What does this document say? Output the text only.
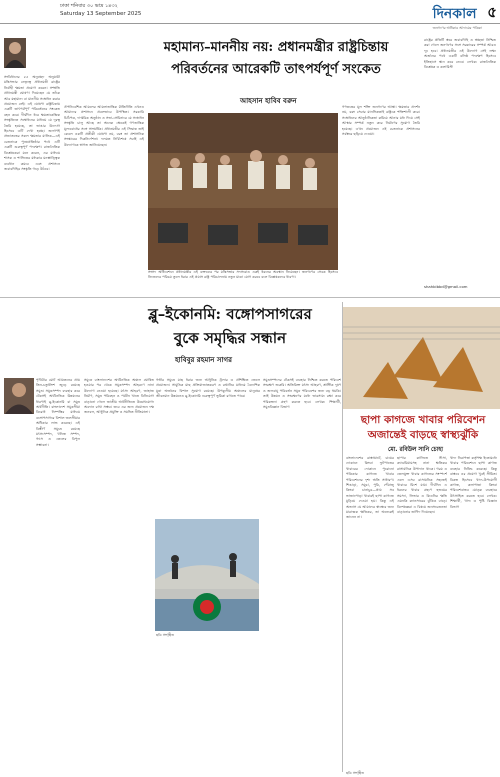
ঢাকা শনিবার ৩০ ভাদ্র ১৪৩২
Saturday 13 September 2025	দিনকাল
জনগণের অধিকার আদায়ের পত্রিকা
৫
মহামান্য–মাননীয় নয়: প্রধানমন্ত্রীর রাষ্ট্রচিন্তায়
পরিবর্তনের আরেকটি তাৎপর্যপূর্ণ সংকেত
আহসান হাবিব বরুন
সংবিধানের ৫৫ অনুচ্ছেদ অনুযায়ী মন্ত্রিসভার নেতৃত্বে প্রধানমন্ত্রী রাষ্ট্রের নির্বাহী ক্ষমতা প্রয়োগ করেন। সম্প্রতি প্রধানমন্ত্রী ঘোষণা দিয়েছেন যে তাঁকে আর মহামান্য বা মাননীয় সম্বোধন করার প্রয়োজন নেই। এই ঘোষণা রাষ্ট্রচিন্তায় একটি তাৎপর্যপূর্ণ পরিবর্তনের সংকেত বহন করে। দীর্ঘদিন ধরে ক্ষমতাকেন্দ্রিক সংস্কৃতিতে সম্বোধনের মাধ্যমে যে দূরত্ব তৈরি হয়েছে, তা ভাঙার উদ্যোগ হিসেবে এটি দেখা হচ্ছে। জনগণই প্রজাতন্ত্রের সকল ক্ষমতার মালিক—এই চেতনাকে পুনঃপ্রতিষ্ঠার পথে এটি একটি গুরুত্বপূর্ণ পদক্ষেপ। রাজনৈতিক বিশ্লেষকেরা মনে করেন, এর মাধ্যমে শাসক ও শাসিতের মধ্যকার মনস্তাত্ত্বিক ব্যবধান কমবে এবং প্রশাসনে জবাবদিহির সংস্কৃতি গড়ে উঠবে।
ঔপনিবেশিক আমলের আমলাতান্ত্রিক রীতিনীতি এখনও আমাদের প্রশাসনে প্রবলভাবে উপস্থিত। সরকারি চিঠিপত্র, দাপ্তরিক অনুষ্ঠান ও সভা-সেমিনারে যে সম্বোধন সংস্কৃতি চালু আছে তা অনেক ক্ষেত্রেই গণতান্ত্রিক মূল্যবোধের সঙ্গে সাংঘর্ষিক। প্রধানমন্ত্রীর এই সিদ্ধান্ত তাই কেবল একটি প্রতীকী ঘোষণা নয়, বরং তা প্রশাসনিক সংস্কারের দিকনির্দেশনা। দলমত নির্বিশেষে সবাই এই উদ্যোগকে স্বাগত জানিয়েছেন।
সংসদ অধিবেশনে প্রধানমন্ত্রীর এই বক্তব্যের পর মন্ত্রিসভার সদস্যরাও একই ধরনের অবস্থান নিয়েছেন। জনগণের সেবক হিসেবে নিজেদের পরিচয় তুলে ধরার এই প্রয়াস রাষ্ট্র পরিচালনায় নতুন মাত্রা যোগ করবে বলে বিশ্লেষকদের ধারণা।
গণতন্ত্রের মূল শক্তি জনগণের আস্থা। ক্ষমতার প্রদর্শন নয়, বরং সেবার মানসিকতাই রাষ্ট্রকে শক্তিশালী করে। সম্বোধনের আনুষ্ঠানিকতা কমিয়ে আনার মধ্য দিয়ে সেই আস্থার সম্পর্ক নতুন করে নির্মাণের সুযোগ তৈরি হয়েছে। এখন প্রয়োজন এই চেতনাকে প্রশাসনের সর্বস্তরে ছড়িয়ে দেওয়া।
রাষ্ট্রের প্রতিটি স্তরে জবাবদিহি ও স্বচ্ছতা নিশ্চিত করা গেলে জনগণের সঙ্গে সরকারের সম্পর্ক আরও দৃঢ় হবে। প্রধানমন্ত্রীর এই উদ্যোগ সেই লক্ষ্য অর্জনের পথে একটি বলিষ্ঠ পদক্ষেপ হিসেবে ইতিহাসে স্থান করে নেবে। লেখক: রাজনৈতিক বিশ্লেষক ও কলামিস্ট
shahbibbd@gmail.com
ব্লু–ইকোনমি: বঙ্গোপসাগরের
বুকে সমৃদ্ধির সন্ধান
হাবিবুর রহমান সাগর
পৃথিবীর মোট আয়তনের প্রায় তিন-চতুর্থাংশ জুড়ে রয়েছে সমুদ্র। সমুদ্রসম্পদ ব্যবহার করে টেকসই অর্থনৈতিক উন্নয়নের ধারণাই ব্লু-ইকোনমি বা সমুদ্র অর্থনীতি। বাংলাদেশ সমুদ্রসীমা বিরোধ নিষ্পত্তির মাধ্যমে বঙ্গোপসাগরে বিশাল জলসীমার অধিকার লাভ করেছে। এই বিস্তীর্ণ সমুদ্রে রয়েছে মৎস্যসম্পদ, খনিজ সম্পদ, গ্যাস ও তেলের বিপুল সম্ভাবনা।
সমুদ্রে বাংলাদেশের অর্থনৈতিক অঞ্চল ঘোষিত হওয়ার পর থেকে সমুদ্রসম্পদ আহরণে নানা উদ্যোগ নেওয়া হয়েছে। মৎস্য আহরণ, জাহাজ নির্মাণ, সমুদ্র পরিবহন ও পর্যটন খাতে বিনিয়োগ বাড়ানো গেলে জাতীয় অর্থনীতিতে উল্লেখযোগ্য অবদান রাখা সম্ভব। তবে এর জন্য প্রয়োজন দক্ষ জনবল, আধুনিক প্রযুক্তি ও সমন্বিত নীতিমালা।
গভীর সমুদ্রে মাছ ধরার জন্য আধুনিক ট্রলার ও প্রশিক্ষিত জেলে প্রয়োজন। সামুদ্রিক মাছ প্রক্রিয়াজাতকরণ ও রপ্তানির মাধ্যমে বৈদেশিক মুদ্রা অর্জনের বিশাল সুযোগ রয়েছে। উপকূলীয় অঞ্চলের মানুষের জীবনমান উন্নয়নেও ব্লু-ইকোনমি গুরুত্বপূর্ণ ভূমিকা রাখতে পারে।
সমুদ্রসম্পদের টেকসই ব্যবহার নিশ্চিত করতে পরিবেশ সংরক্ষণ জরুরি। অতিরিক্ত মৎস্য আহরণ, প্লাস্টিক দূষণ ও জলবায়ু পরিবর্তন সমুদ্র পরিবেশের জন্য বড় হুমকি। তাই উন্নয়ন ও সংরক্ষণের মধ্যে ভারসাম্য রক্ষা করে পরিকল্পনা গ্রহণ করতে হবে। লেখক: শিক্ষার্থী, সমুদ্রবিজ্ঞান বিভাগ
ছবি: সংগৃহীত
ছাপা কাগজে খাবার পরিবেশন
অজান্তেই বাড়ছে স্বাস্থ্যঝুঁকি
মো. রবিউল সানি চোহা
বাংলাদেশের রাস্তাঘাটে, চায়ের দোকানে কিংবা ফুটপাতের খাবারের দোকানে পুরোনো পত্রিকার কাগজে খাবার পরিবেশনের দৃশ্য অতি সাধারণ। শিঙাড়া, সমুচা, পুরি, পেঁয়াজু কিংবা চানাচুর—প্রায় সব ভাজাপোড়া খাবারই ছাপা কাগজে মুড়িয়ে দেওয়া হয়। কিন্তু এই অভ্যাস যে আমাদের স্বাস্থ্যের জন্য মারাত্মক ক্ষতিকর, তা অনেকেই জানেন না।
ছাপার কালিতে সীসা, ক্যাডমিয়ামসহ নানা ক্ষতিকর রাসায়নিক উপাদান থাকে। গরম ও তেলযুক্ত খাবার কাগজের সংস্পর্শে এলে এসব রাসায়নিক সহজেই খাবারে মিশে যায়। দীর্ঘদিন এ ধরনের খাবার গ্রহণে হজমের সমস্যা, লিভার ও কিডনির ক্ষতি এমনকি ক্যানসারের ঝুঁকিও বাড়ে। বিশেষজ্ঞরা এ বিষয়ে জনসচেতনতা বাড়ানোর তাগিদ দিয়েছেন।
খাদ্য নিরাপত্তা কর্তৃপক্ষ ইতোমধ্যে খাবার পরিবেশনে ছাপা কাগজ ব্যবহার নিষিদ্ধ করেছে। কিন্তু বাস্তবে এর প্রয়োগ খুবই সীমিত। বিকল্প হিসেবে খাদ্য-উপযোগী কাগজ, কলাপাতা কিংবা পরিবেশবান্ধব মোড়ক ব্যবহারে উৎসাহিত করতে হবে। লেখক: শিক্ষার্থী, খাদ্য ও পুষ্টি বিজ্ঞান বিভাগ
ছবি: সংগৃহীত
